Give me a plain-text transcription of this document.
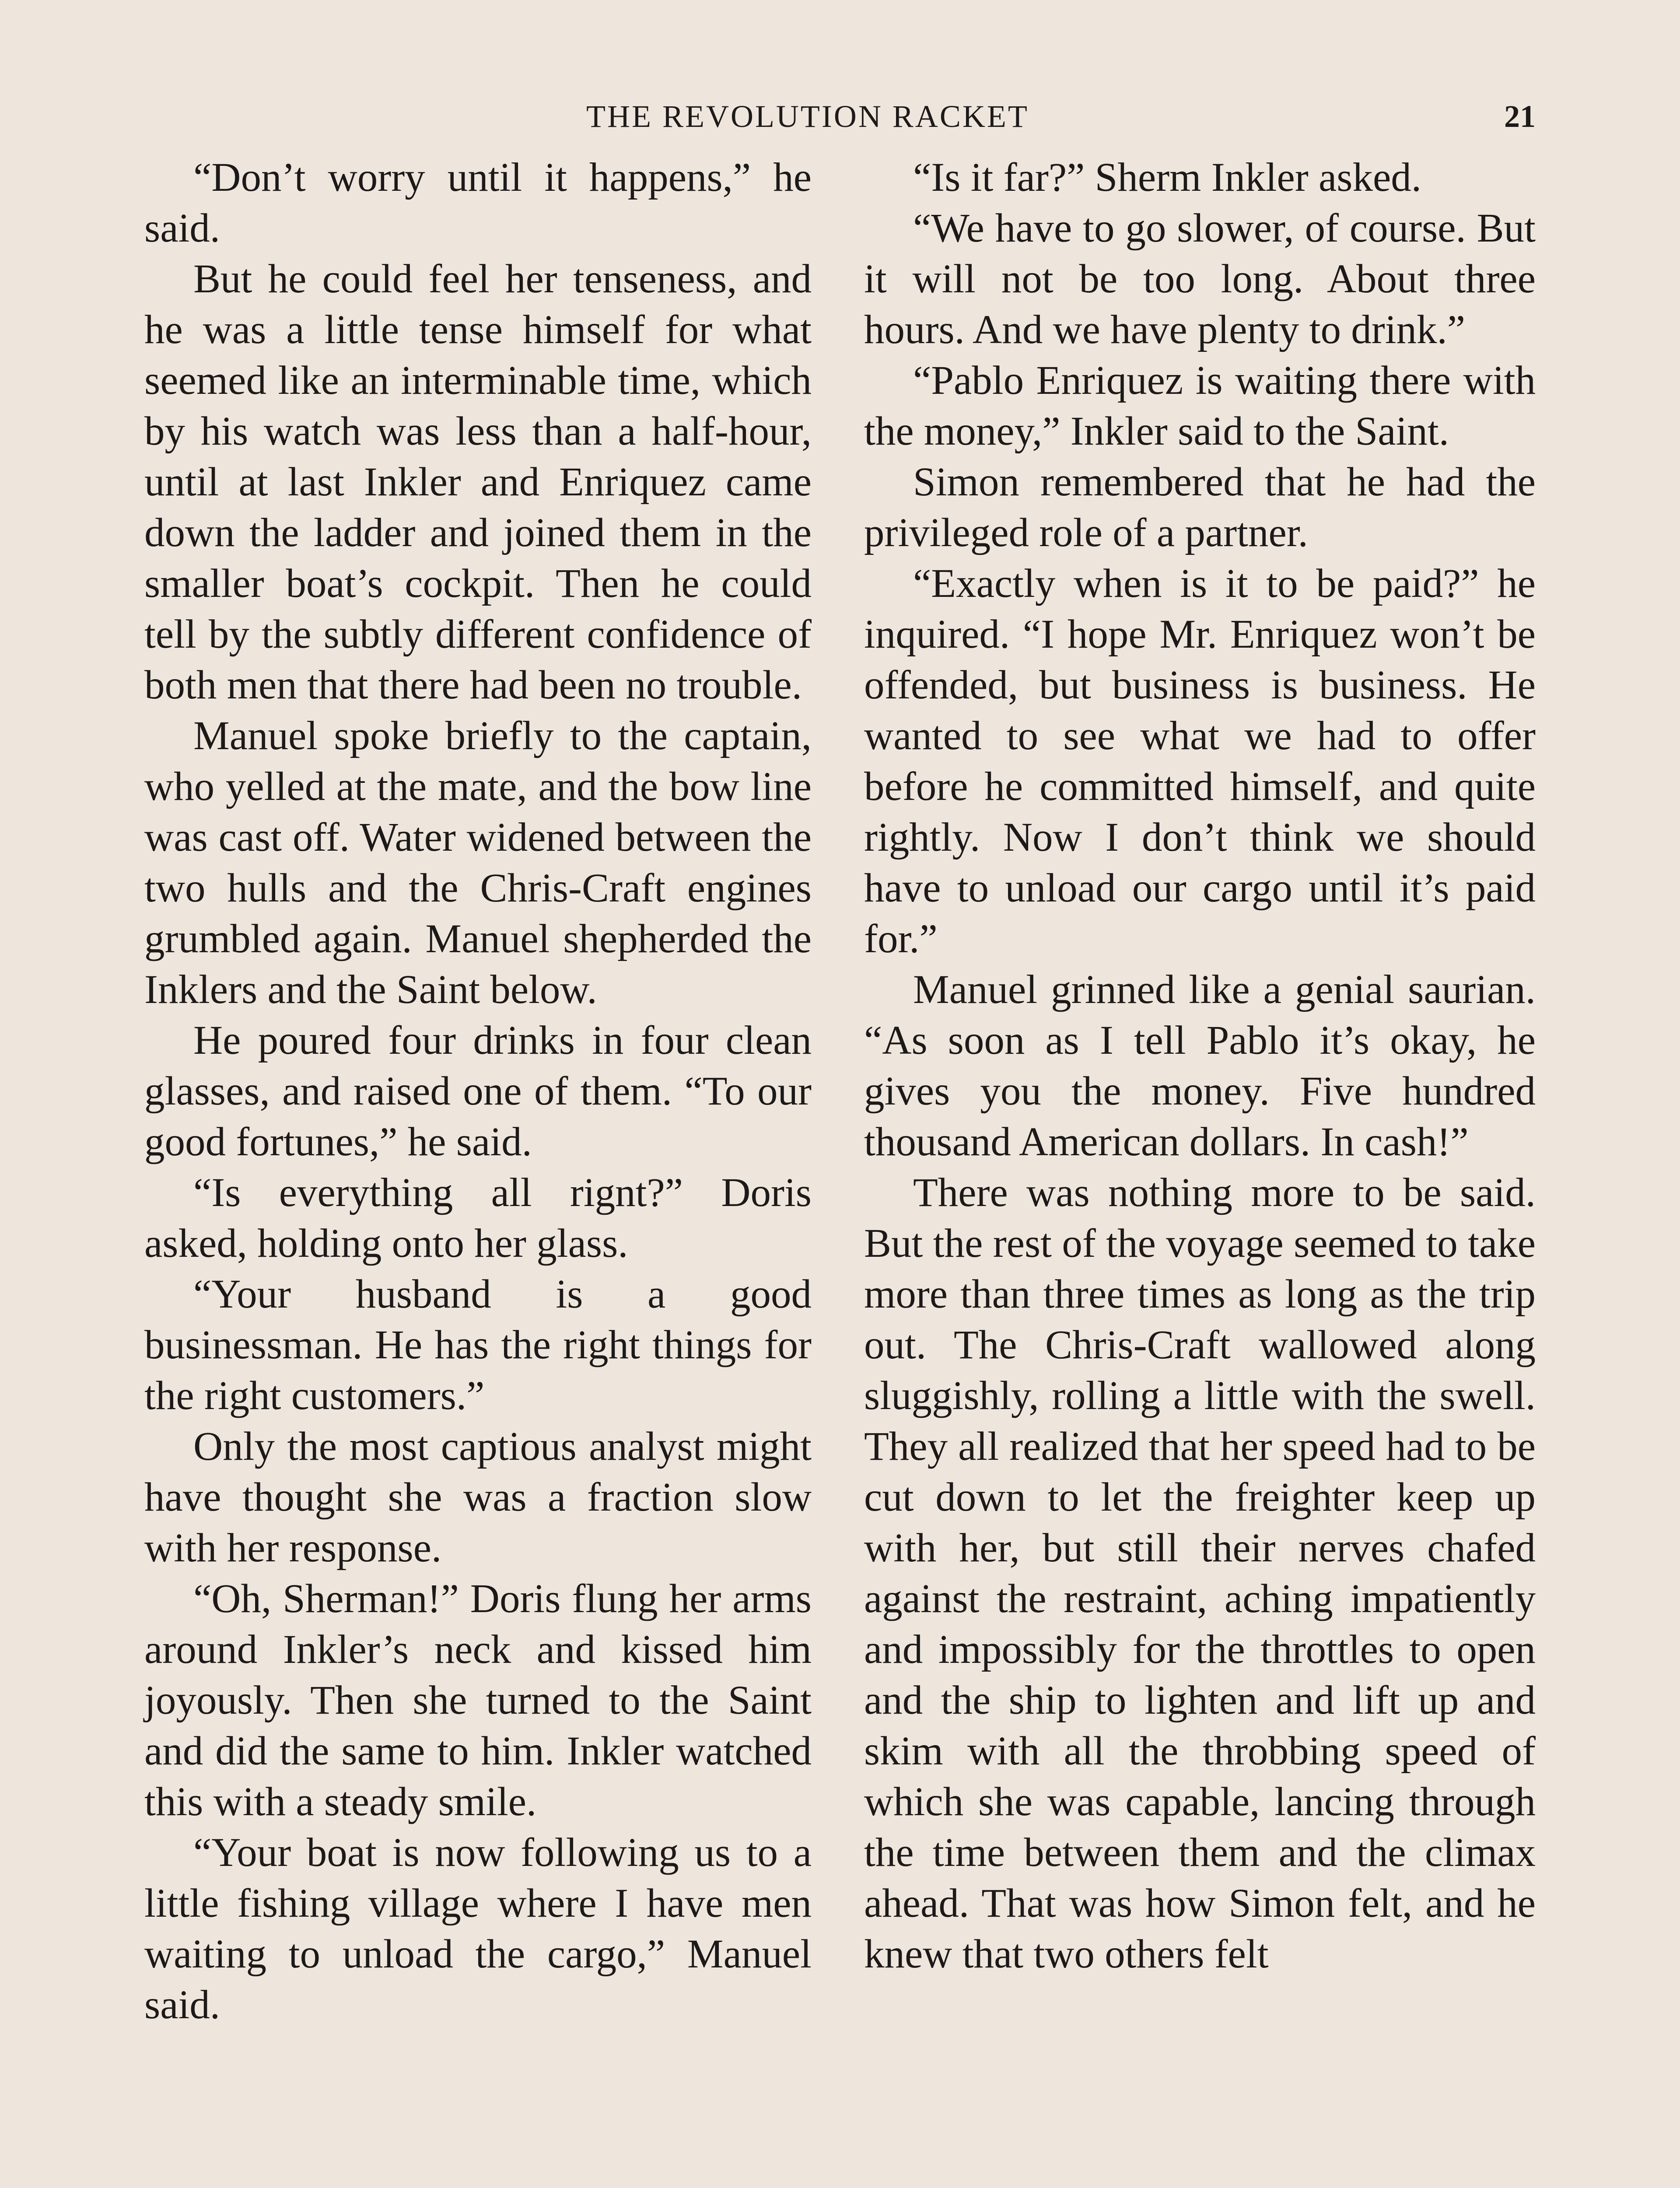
THE REVOLUTION RACKET	21

“Don’t worry until it happens,” he said.

But he could feel her tenseness, and he was a little tense himself for what seemed like an interminable time, which by his watch was less than a half-hour, until at last Inkler and Enriquez came down the ladder and joined them in the smaller boat’s cockpit. Then he could tell by the subtly different confidence of both men that there had been no trouble.

Manuel spoke briefly to the captain, who yelled at the mate, and the bow line was cast off. Water widened between the two hulls and the Chris-Craft engines grumbled again. Manuel shepherded the Inklers and the Saint below.

He poured four drinks in four clean glasses, and raised one of them. “To our good fortunes,” he said.

“Is everything all rignt?” Doris asked, holding onto her glass.

“Your husband is a good businessman. He has the right things for the right customers.”

Only the most captious analyst might have thought she was a fraction slow with her response.

“Oh, Sherman!” Doris flung her arms around Inkler’s neck and kissed him joyously. Then she turned to the Saint and did the same to him. Inkler watched this with a steady smile.

“Your boat is now following us to a little fishing village where I have men waiting to unload the cargo,” Manuel said.

“Is it far?” Sherm Inkler asked.

“We have to go slower, of course. But it will not be too long. About three hours. And we have plenty to drink.”

“Pablo Enriquez is waiting there with the money,” Inkler said to the Saint.

Simon remembered that he had the privileged role of a partner.

“Exactly when is it to be paid?” he inquired. “I hope Mr. Enriquez won’t be offended, but business is business. He wanted to see what we had to offer before he committed himself, and quite rightly. Now I don’t think we should have to unload our cargo until it’s paid for.”

Manuel grinned like a genial saurian. “As soon as I tell Pablo it’s okay, he gives you the money. Five hundred thousand American dollars. In cash!”

There was nothing more to be said. But the rest of the voyage seemed to take more than three times as long as the trip out. The Chris-Craft wallowed along sluggishly, rolling a little with the swell. They all realized that her speed had to be cut down to let the freighter keep up with her, but still their nerves chafed against the restraint, aching impatiently and impossibly for the throttles to open and the ship to lighten and lift up and skim with all the throbbing speed of which she was capable, lancing through the time between them and the climax ahead. That was how Simon felt, and he knew that two others felt
